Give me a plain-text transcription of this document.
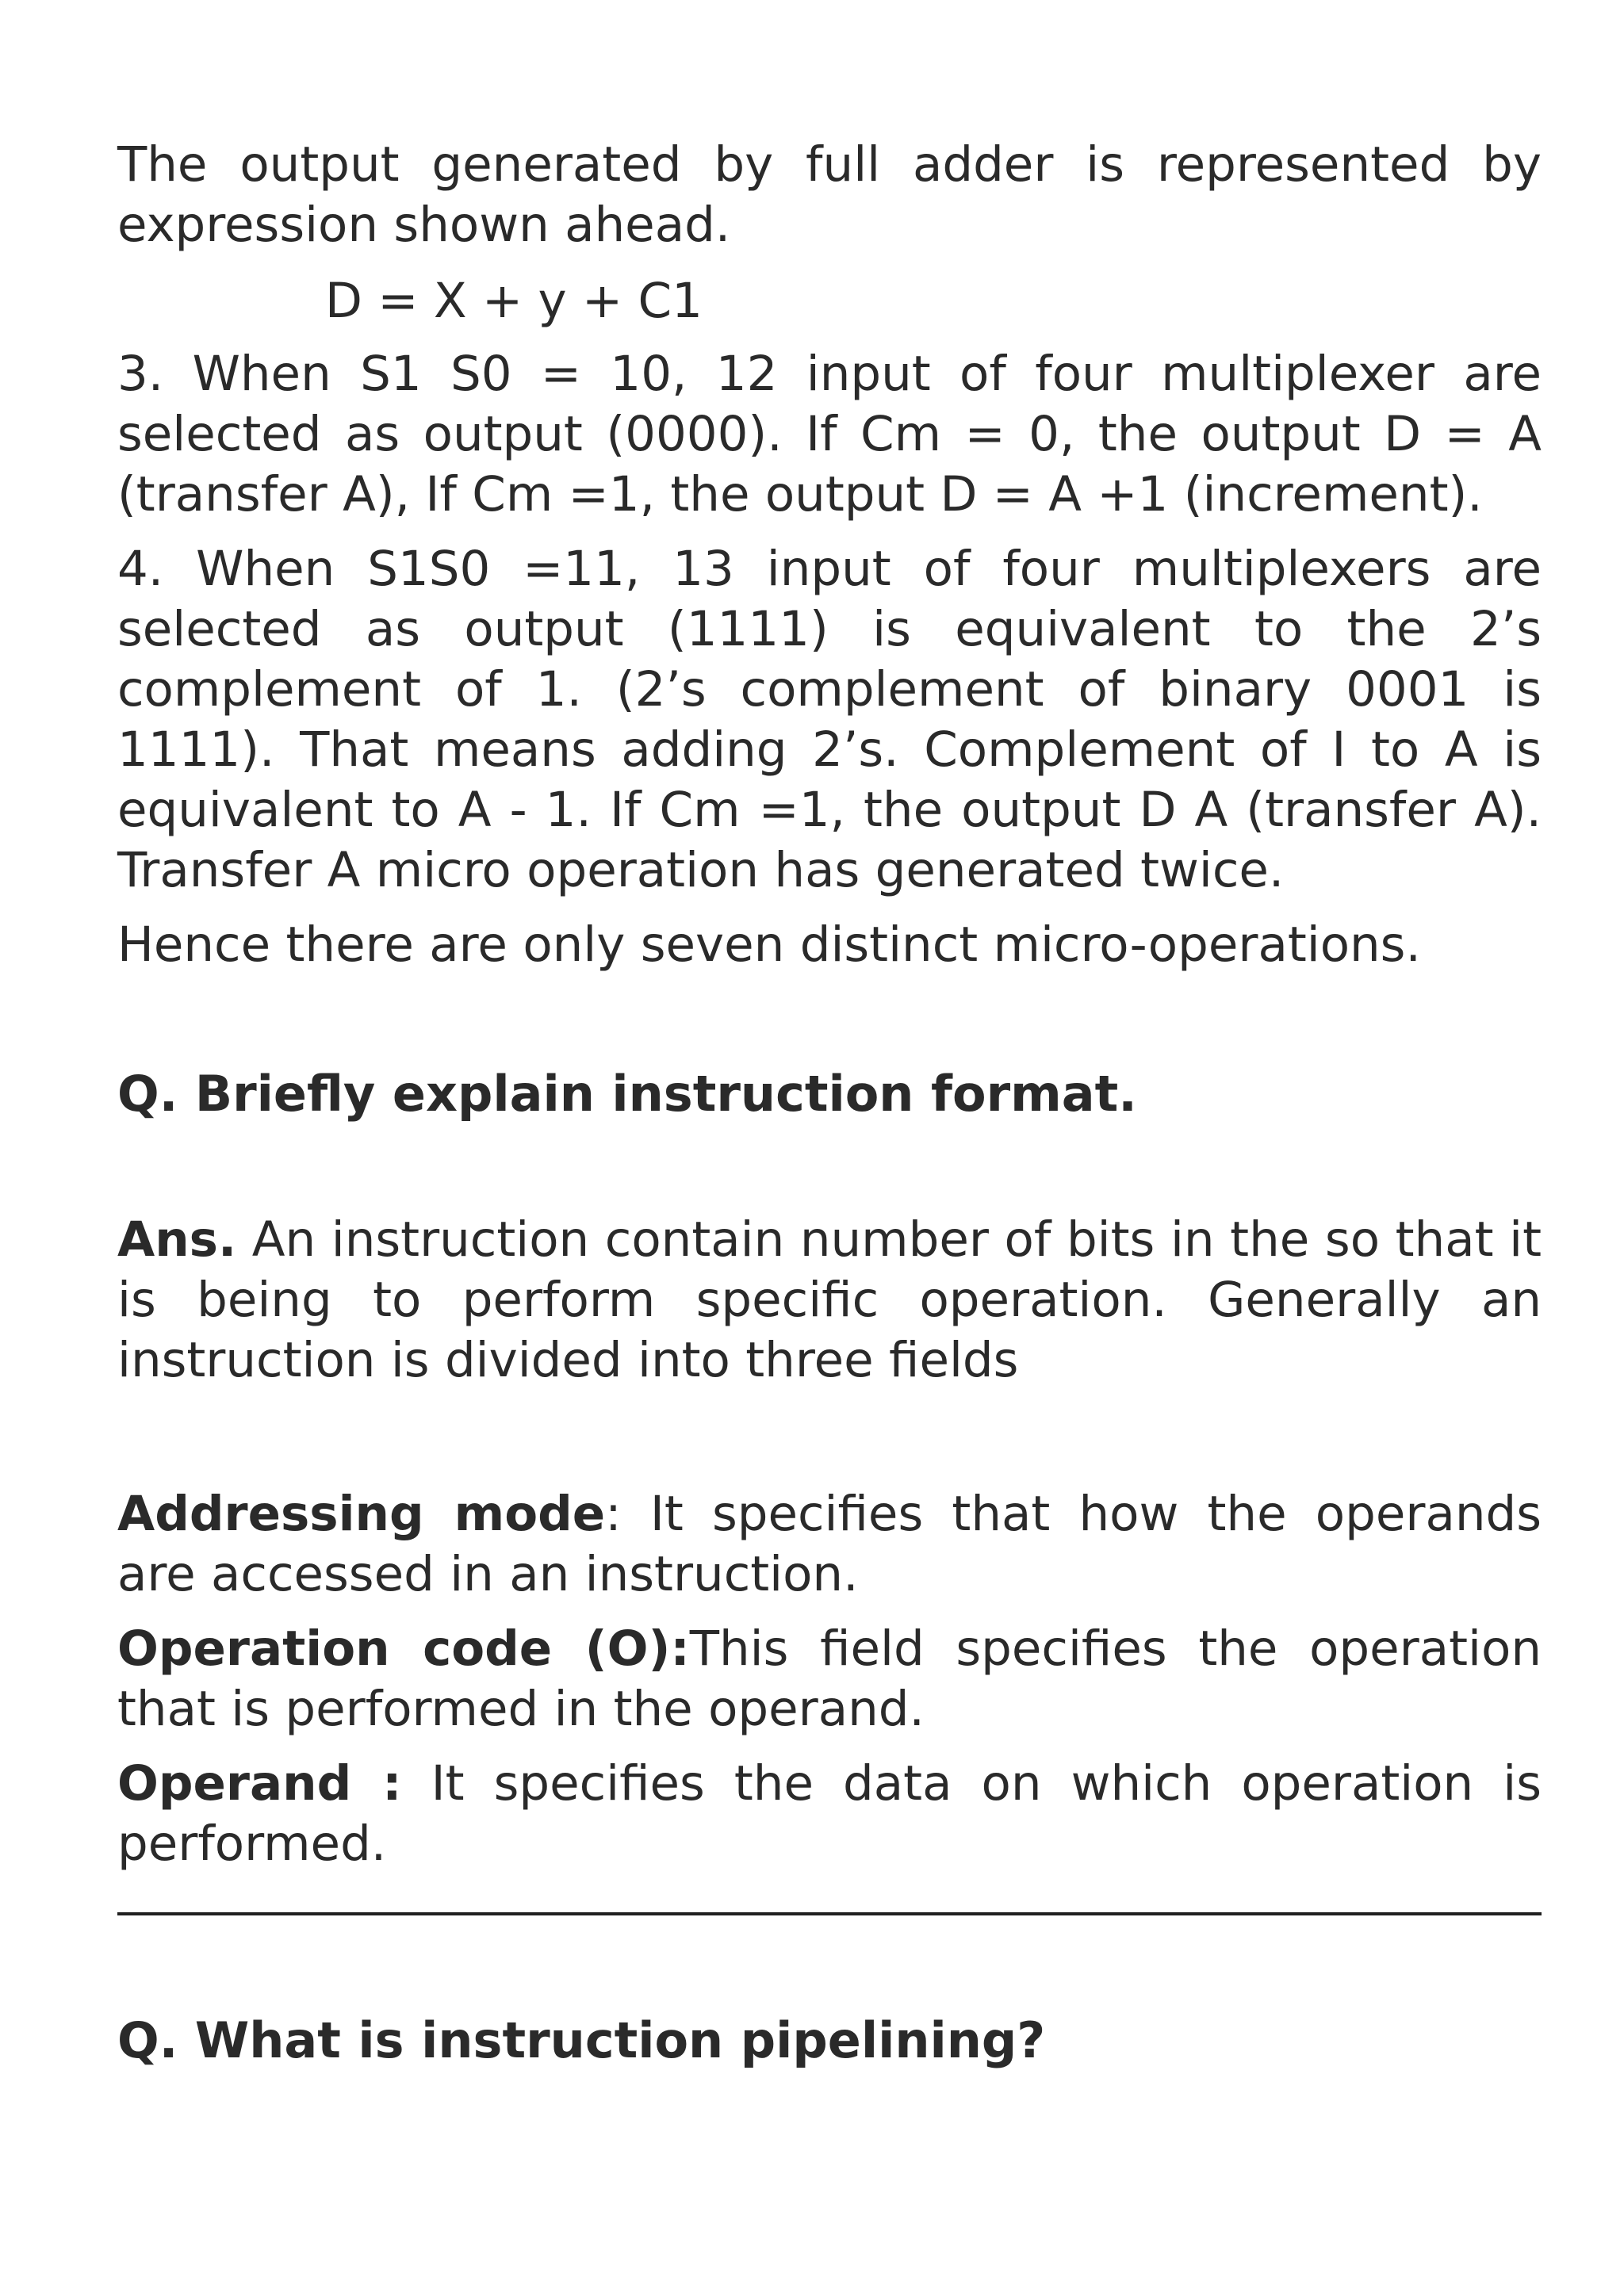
The output generated by full adder is represented by expression shown ahead.

D = X + y + C1

3. When S1 S0 = 10, 12 input of four multiplexer are selected as output (0000). If Cm = 0, the output D = A (transfer A), If Cm =1, the output D = A +1 (increment).

4. When S1S0 =11, 13 input of four multiplexers are selected as output (1111) is equivalent to the 2’s complement of 1. (2’s complement of binary 0001 is 1111). That means adding 2’s. Complement of I to A is equivalent to A - 1. If Cm =1, the output D A (transfer A). Transfer A micro operation has generated twice.

Hence there are only seven distinct micro-operations.

Q. Briefly explain instruction format.

Ans. An instruction contain number of bits in the so that it is being to perform specific operation. Generally an instruction is divided into three fields

Addressing mode: It specifies that how the operands are accessed in an instruction.

Operation code (O):This field specifies the operation that is performed in the operand.

Operand : It specifies the data on which operation is performed.

Q. What is instruction pipelining?
